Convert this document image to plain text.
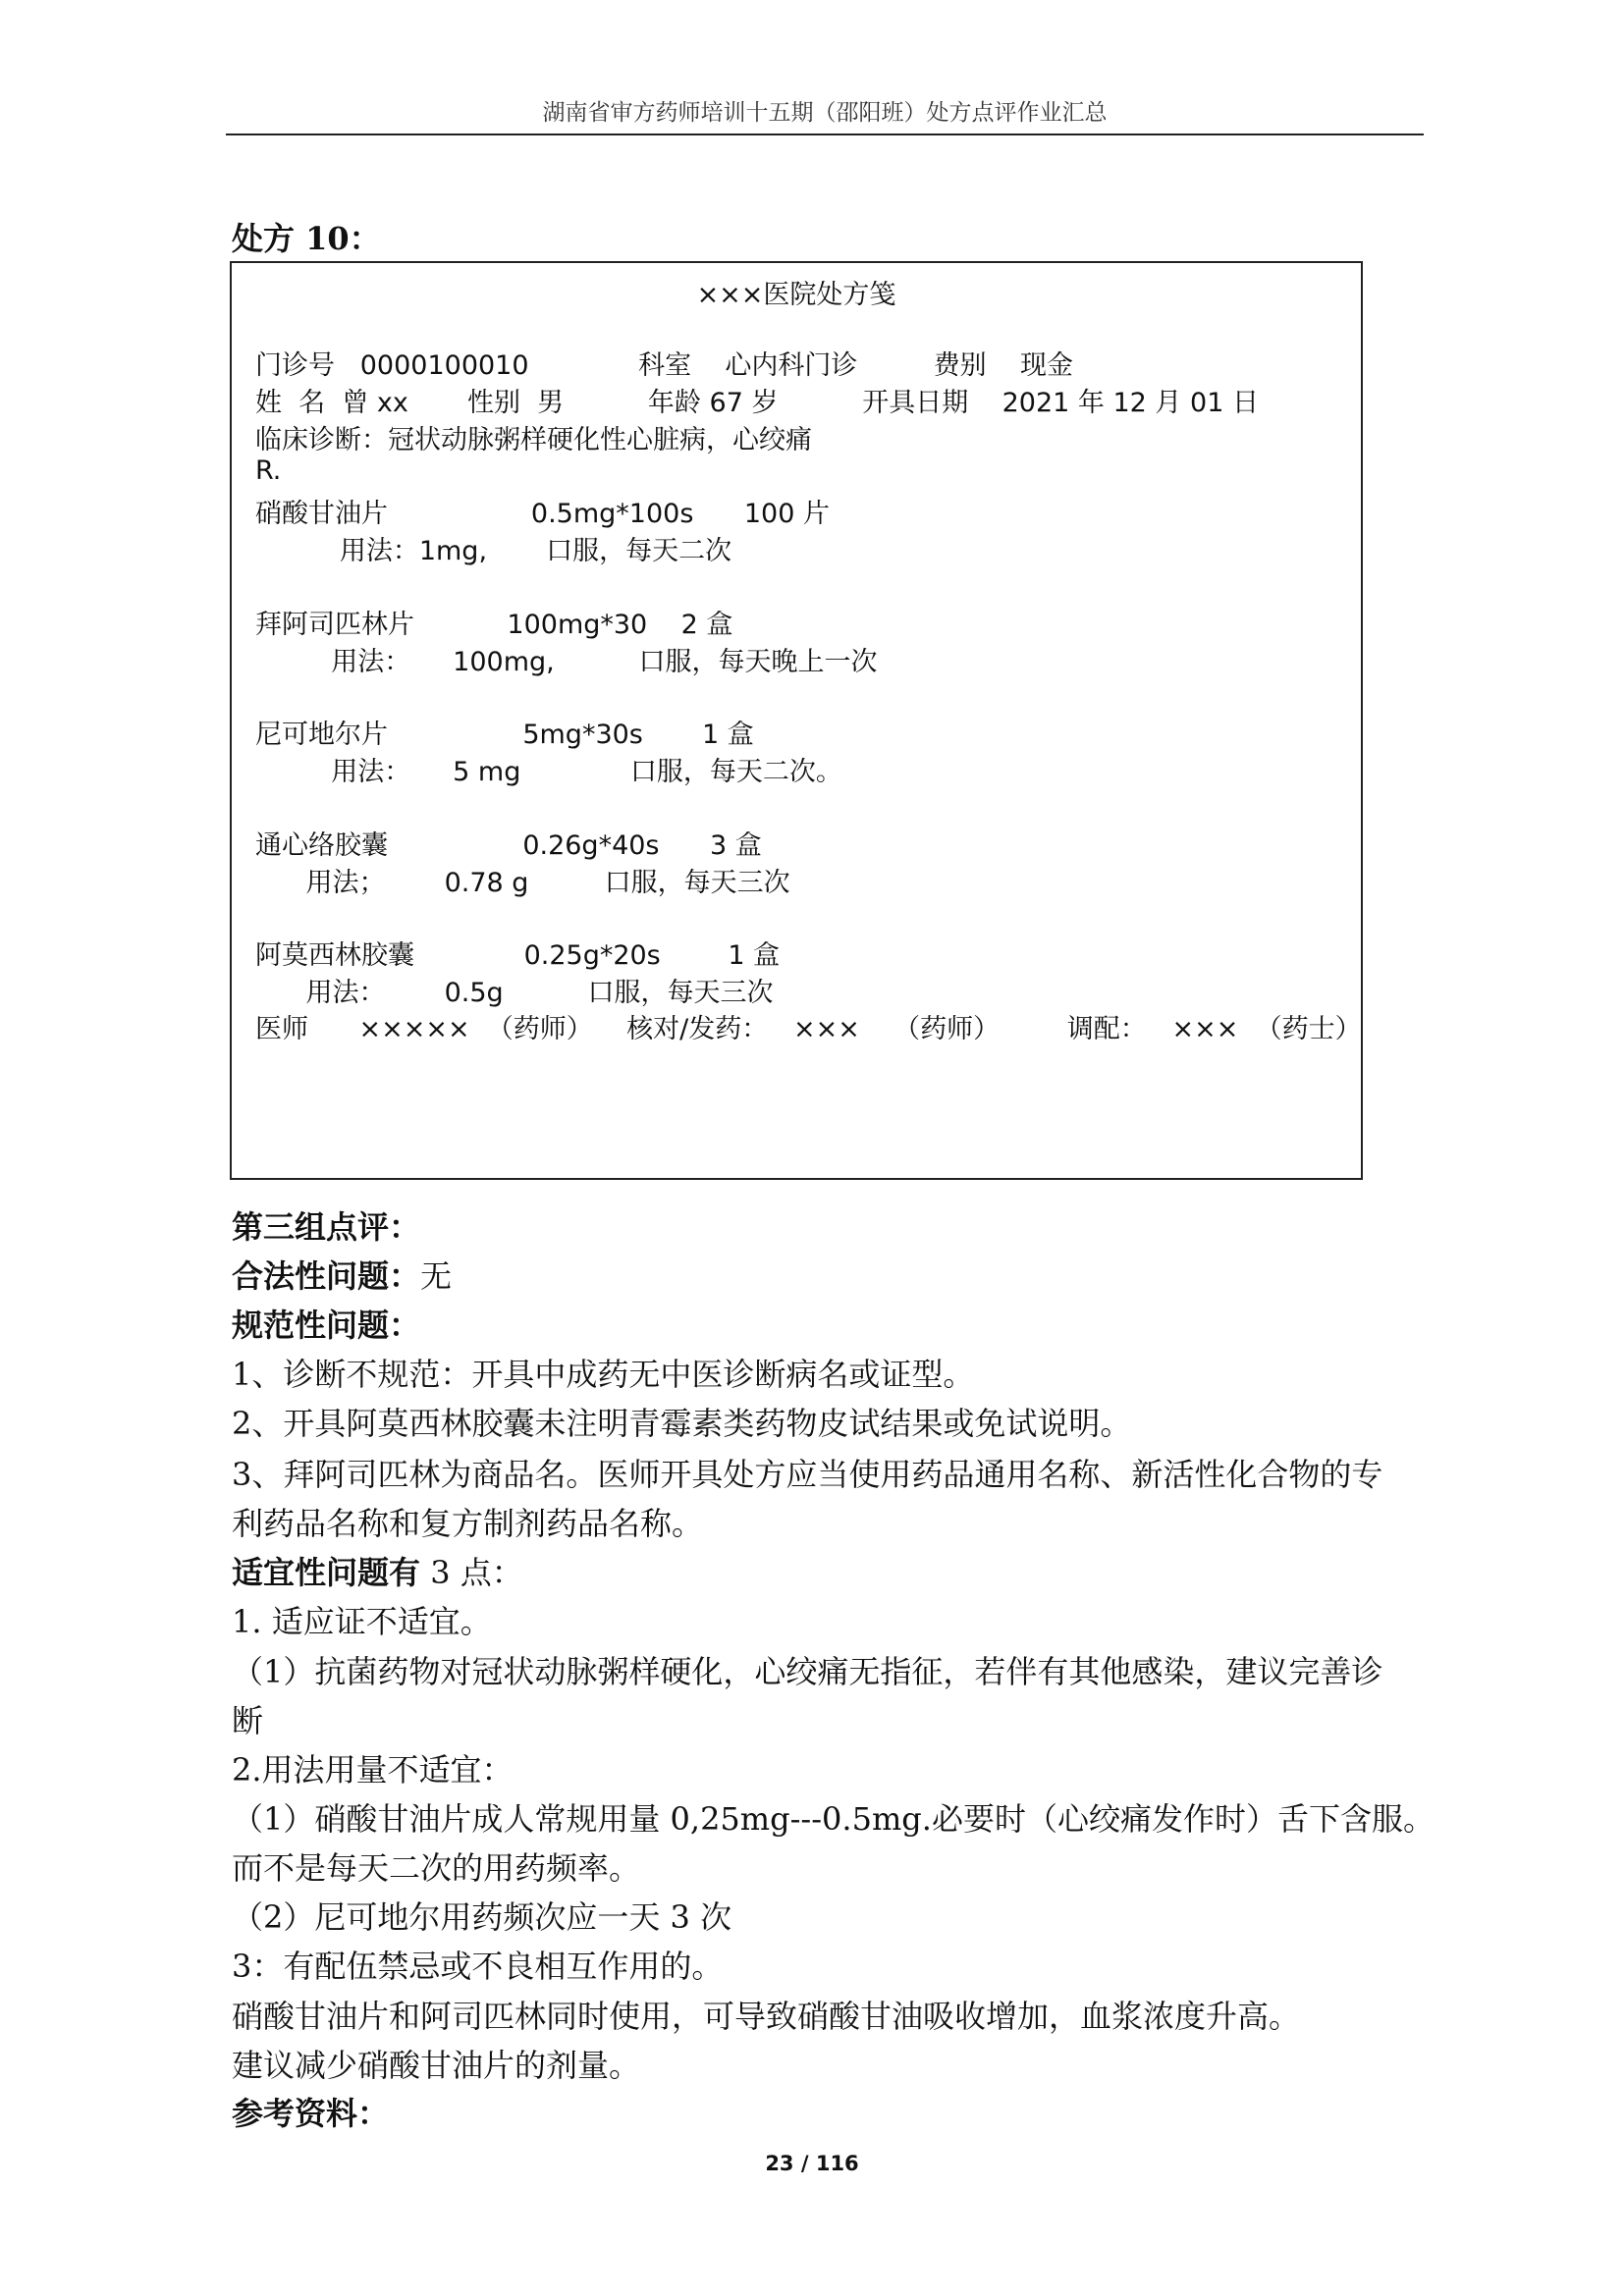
湖南省审方药师培训十五期（邵阳班）处方点评作业汇总
处方 10：
×××医院处方笺
门诊号   0000100010             科室    心内科门诊         费别    现金
姓  名  曾 xx       性别  男          年龄 67 岁          开具日期    2021 年 12 月 01 日
临床诊断：冠状动脉粥样硬化性心脏病，心绞痛
R.
硝酸甘油片                 0.5mg*100s      100 片
用法：1mg,       口服，每天二次
拜阿司匹林片           100mg*30    2 盒
用法：     100mg,          口服，每天晚上一次
尼可地尔片                5mg*30s       1 盒
用法：     5 mg             口服，每天二次。
通心络胶囊                0.26g*40s      3 盒
用法；       0.78 g         口服，每天三次
阿莫西林胶囊             0.25g*20s        1 盒
用法：       0.5g          口服，每天三次
医师      ×××××  （药师）    核对/发药：   ×××    （药师）        调配：   ×××  （药士）
第三组点评：
合法性问题：无
规范性问题：
1、诊断不规范：开具中成药无中医诊断病名或证型。
2、开具阿莫西林胶囊未注明青霉素类药物皮试结果或免试说明。
3、拜阿司匹林为商品名。医师开具处方应当使用药品通用名称、新活性化合物的专
利药品名称和复方制剂药品名称。
适宜性问题有 3 点：
1. 适应证不适宜。
（1）抗菌药物对冠状动脉粥样硬化，心绞痛无指征，若伴有其他感染，建议完善诊
断
2.用法用量不适宜：
（1）硝酸甘油片成人常规用量 0,25mg---0.5mg.必要时（心绞痛发作时）舌下含服。
而不是每天二次的用药频率。
（2）尼可地尔用药频次应一天 3 次
3：有配伍禁忌或不良相互作用的。
硝酸甘油片和阿司匹林同时使用，可导致硝酸甘油吸收增加，血浆浓度升高。
建议减少硝酸甘油片的剂量。
参考资料：
23 / 116
